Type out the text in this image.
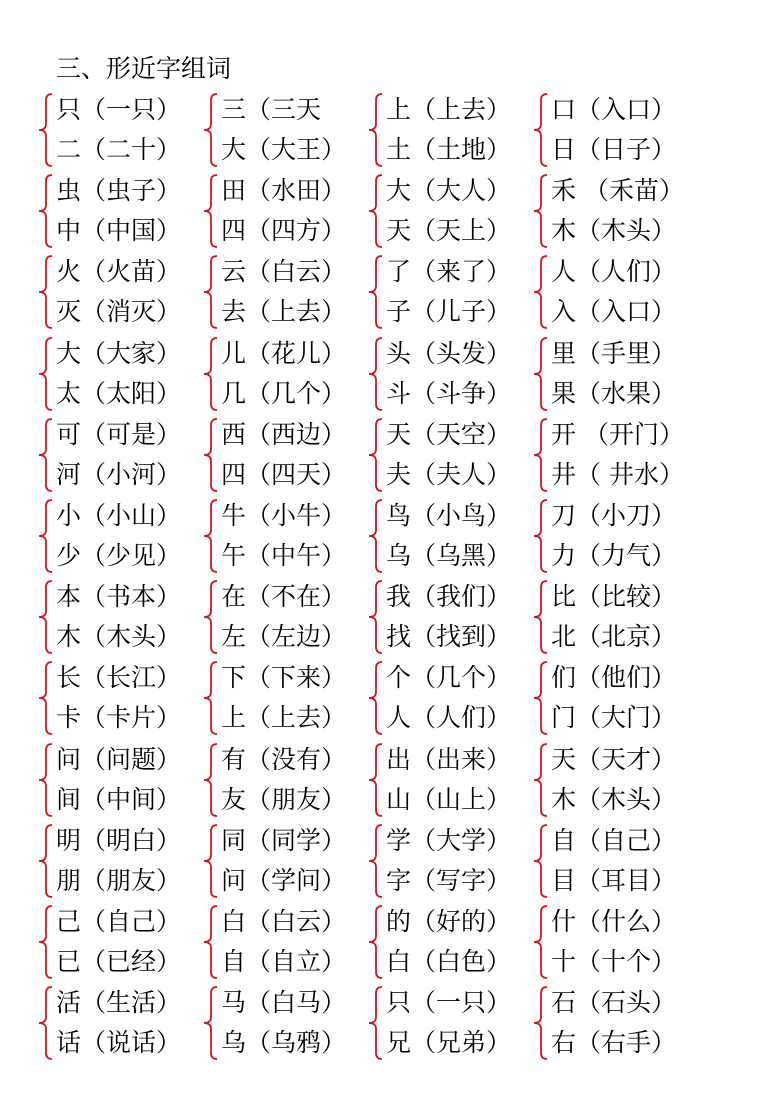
三、形近字组词
只（一只）
二（二十）
三（三天
大（大王）
上（上去）
土（土地）
口（入口）
日（日子）
虫（虫子）
中（中国）
田（水田）
四（四方）
大（大人）
天（天上）
禾 （禾苗）
木（木头）
火（火苗）
灭（消灭）
云（白云）
去（上去）
了（来了）
子（儿子）
人（人们）
入（入口）
大（大家）
太（太阳）
儿（花儿）
几（几个）
头（头发）
斗（斗争）
里（手里）
果（水果）
可（可是）
河（小河）
西（西边）
四（四天）
天（天空）
夫（夫人）
开 （开门）
井（ 井水）
小（小山）
少（少见）
牛（小牛）
午（中午）
鸟（小鸟）
乌（乌黑）
刀（小刀）
力（力气）
本（书本）
木（木头）
在（不在）
左（左边）
我（我们）
找（找到）
比（比较）
北（北京）
长（长江）
卡（卡片）
下（下来）
上（上去）
个（几个）
人（人们）
们（他们）
门（大门）
问（问题）
间（中间）
有（没有）
友（朋友）
出（出来）
山（山上）
天（天才）
木（木头）
明（明白）
朋（朋友）
同（同学）
问（学问）
学（大学）
字（写字）
自（自己）
目（耳目）
己（自己）
已（已经）
白（白云）
自（自立）
的（好的）
白（白色）
什（什么）
十（十个）
活（生活）
话（说话）
马（白马）
乌（乌鸦）
只（一只）
兄（兄弟）
石（石头）
右（右手）
